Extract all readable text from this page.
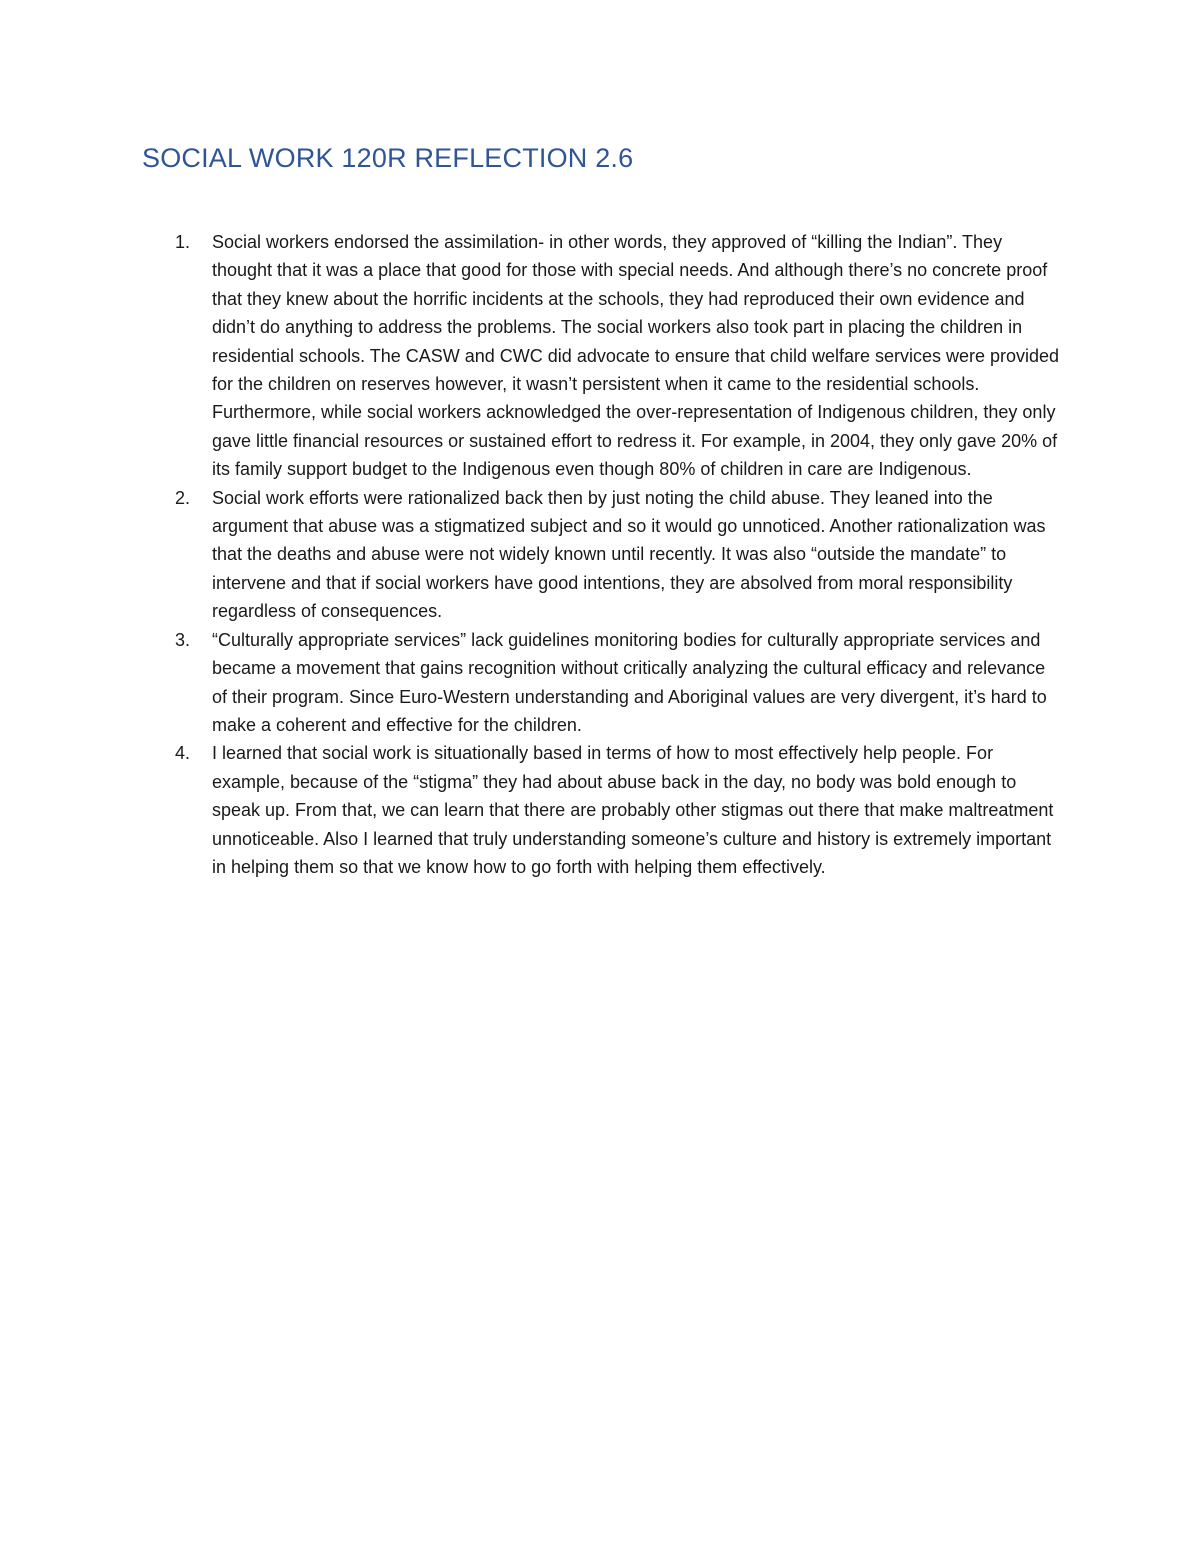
SOCIAL WORK 120R REFLECTION 2.6
1. Social workers endorsed the assimilation- in other words, they approved of “killing the Indian”. They thought that it was a place that good for those with special needs. And although there’s no concrete proof that they knew about the horrific incidents at the schools, they had reproduced their own evidence and didn’t do anything to address the problems. The social workers also took part in placing the children in residential schools. The CASW and CWC did advocate to ensure that child welfare services were provided for the children on reserves however, it wasn’t persistent when it came to the residential schools. Furthermore, while social workers acknowledged the over-representation of Indigenous children, they only gave little financial resources or sustained effort to redress it. For example, in 2004, they only gave 20% of its family support budget to the Indigenous even though 80% of children in care are Indigenous.
2. Social work efforts were rationalized back then by just noting the child abuse. They leaned into the argument that abuse was a stigmatized subject and so it would go unnoticed. Another rationalization was that the deaths and abuse were not widely known until recently. It was also “outside the mandate” to intervene and that if social workers have good intentions, they are absolved from moral responsibility regardless of consequences.
3. “Culturally appropriate services” lack guidelines monitoring bodies for culturally appropriate services and became a movement that gains recognition without critically analyzing the cultural efficacy and relevance of their program. Since Euro-Western understanding and Aboriginal values are very divergent, it’s hard to make a coherent and effective for the children.
4. I learned that social work is situationally based in terms of how to most effectively help people. For example, because of the “stigma” they had about abuse back in the day, no body was bold enough to speak up. From that, we can learn that there are probably other stigmas out there that make maltreatment unnoticeable. Also I learned that truly understanding someone’s culture and history is extremely important in helping them so that we know how to go forth with helping them effectively.
